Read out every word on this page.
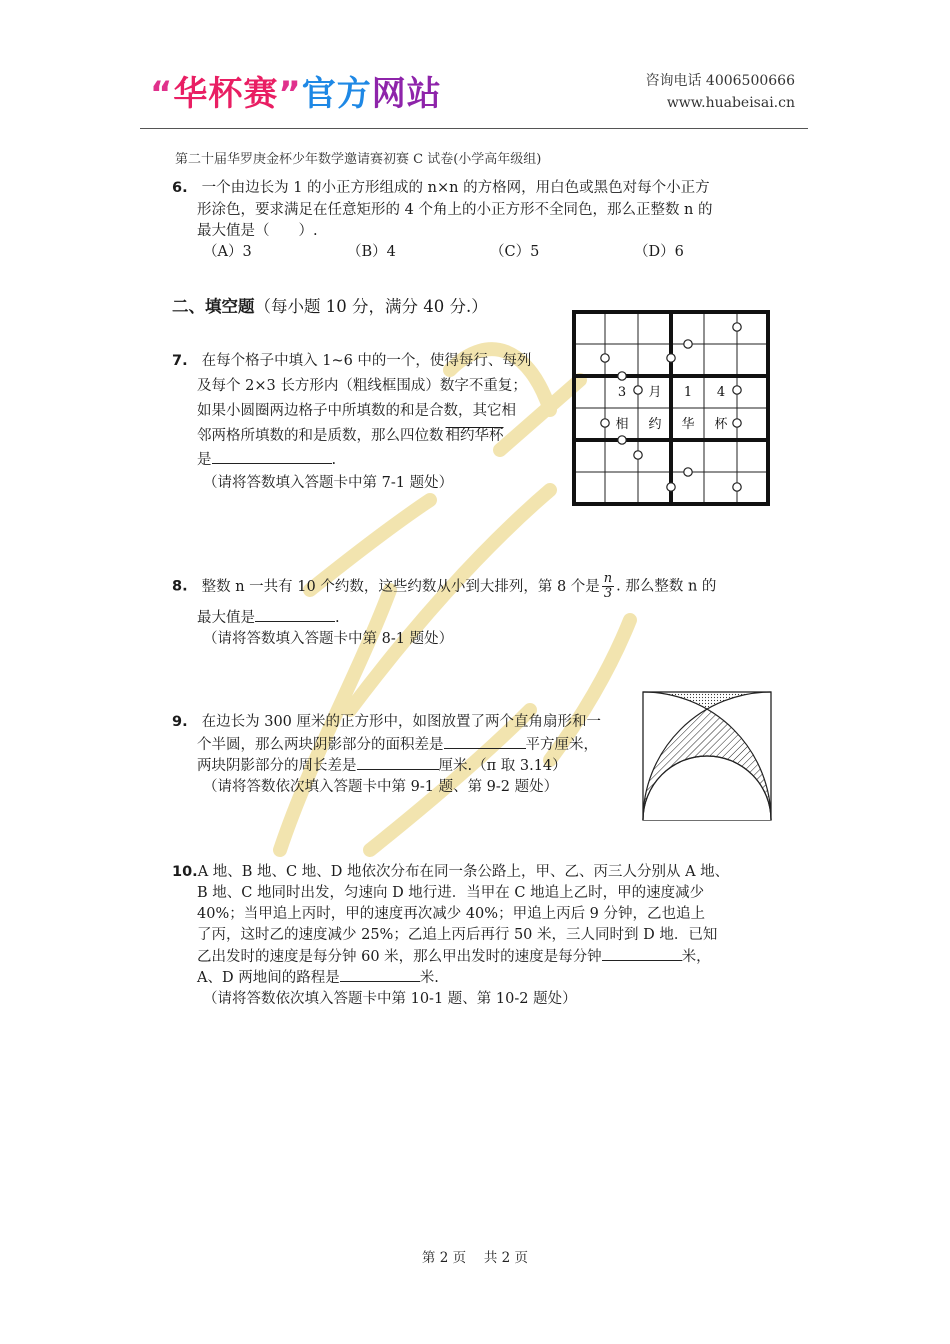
“华杯赛”官方网站	咨询电话 4006500666
www.huabeisai.cn
第二十届华罗庚金杯少年数学邀请赛初赛 C 试卷(小学高年级组)
6. 一个由边长为 1 的小正方形组成的 n×n 的方格网，用白色或黑色对每个小正方
形涂色，要求满足在任意矩形的 4 个角上的小正方形不全同色，那么正整数 n 的
最大值是（　　）.
（A）3	（B）4	（C）5	（D）6
二、填空题（每小题 10 分，满分 40 分.）
7. 在每个格子中填入 1~6 中的一个，使得每行、每列
及每个 2×3 长方形内（粗线框围成）数字不重复；
如果小圆圈两边格子中所填数的和是合数，其它相
邻两格所填数的和是质数，那么四位数 相约华杯
是	.
（请将答数填入答题卡中第 7-1 题处）
3 月 1 4
相 约 华 杯
8. 整数 n 一共有 10 个约数，这些约数从小到大排列，第 8 个是 $\frac{n}{3}$ . 那么整数 n 的
最大值是	.
（请将答数填入答题卡中第 8-1 题处）
9. 在边长为 300 厘米的正方形中，如图放置了两个直角扇形和一
个半圆，那么两块阴影部分的面积差是	平方厘米，
两块阴影部分的周长差是	厘米.（π 取 3.14）
（请将答数依次填入答题卡中第 9-1 题、第 9-2 题处）
10.A 地、B 地、C 地、D 地依次分布在同一条公路上，甲、乙、丙三人分别从 A 地、
B 地、C 地同时出发，匀速向 D 地行进．当甲在 C 地追上乙时，甲的速度减少
40%；当甲追上丙时，甲的速度再次减少 40%；甲追上丙后 9 分钟，乙也追上
了丙，这时乙的速度减少 25%；乙追上丙后再行 50 米，三人同时到 D 地．已知
乙出发时的速度是每分钟 60 米，那么甲出发时的速度是每分钟	米，
A、D 两地间的路程是	米.
（请将答数依次填入答题卡中第 10-1 题、第 10-2 题处）
第 2 页　 共 2 页
